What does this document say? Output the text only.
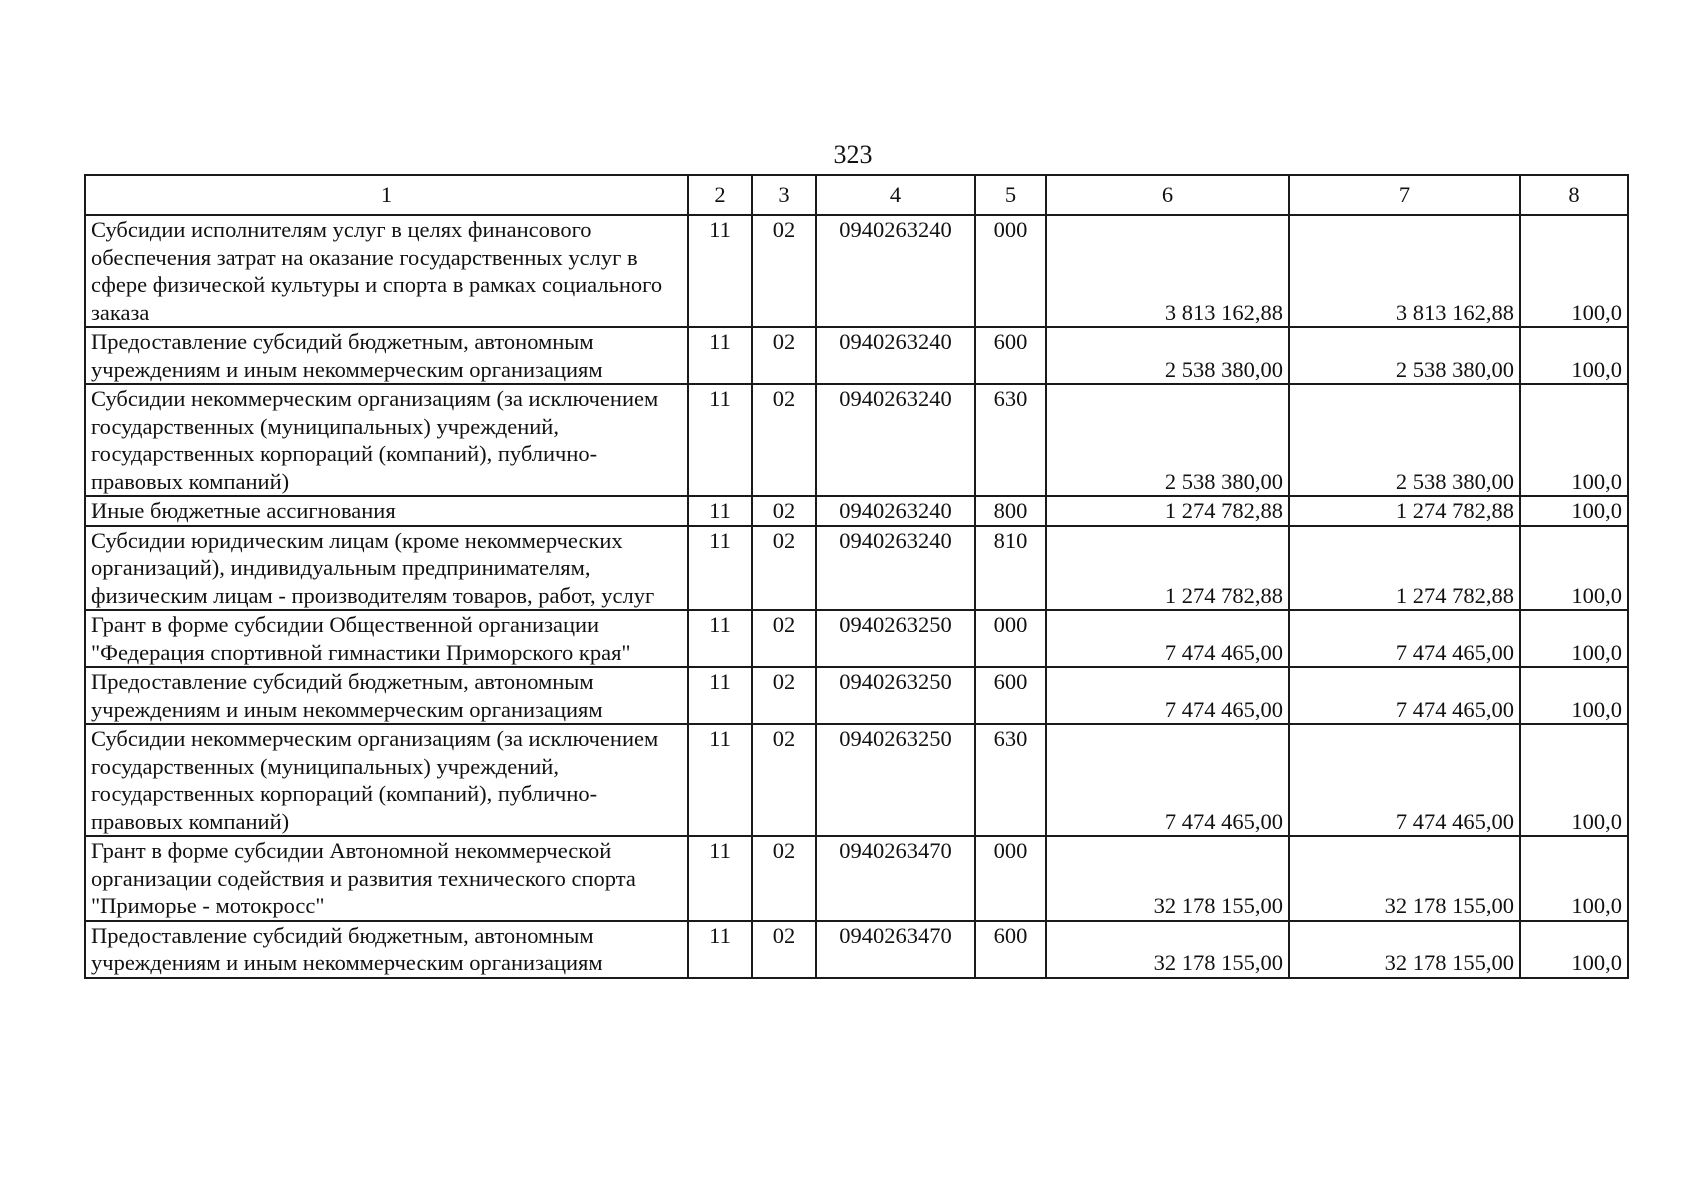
323
1	2	3	4	5	6	7	8
Субсидии исполнителям услуг в целях финансового обеспечения затрат на оказание государственных услуг в сфере физической культуры и спорта в рамках социального заказа	11	02	0940263240	000	3 813 162,88	3 813 162,88	100,0
Предоставление субсидий бюджетным, автономным учреждениям и иным некоммерческим организациям	11	02	0940263240	600	2 538 380,00	2 538 380,00	100,0
Субсидии некоммерческим организациям (за исключением государственных (муниципальных) учреждений, государственных корпораций (компаний), публично-правовых компаний)	11	02	0940263240	630	2 538 380,00	2 538 380,00	100,0
Иные бюджетные ассигнования	11	02	0940263240	800	1 274 782,88	1 274 782,88	100,0
Субсидии юридическим лицам (кроме некоммерческих организаций), индивидуальным предпринимателям, физическим лицам - производителям товаров, работ, услуг	11	02	0940263240	810	1 274 782,88	1 274 782,88	100,0
Грант в форме субсидии Общественной организации "Федерация спортивной гимнастики Приморского края"	11	02	0940263250	000	7 474 465,00	7 474 465,00	100,0
Предоставление субсидий бюджетным, автономным учреждениям и иным некоммерческим организациям	11	02	0940263250	600	7 474 465,00	7 474 465,00	100,0
Субсидии некоммерческим организациям (за исключением государственных (муниципальных) учреждений, государственных корпораций (компаний), публично-правовых компаний)	11	02	0940263250	630	7 474 465,00	7 474 465,00	100,0
Грант в форме субсидии Автономной некоммерческой организации содействия и развития технического спорта "Приморье - мотокросс"	11	02	0940263470	000	32 178 155,00	32 178 155,00	100,0
Предоставление субсидий бюджетным, автономным учреждениям и иным некоммерческим организациям	11	02	0940263470	600	32 178 155,00	32 178 155,00	100,0
